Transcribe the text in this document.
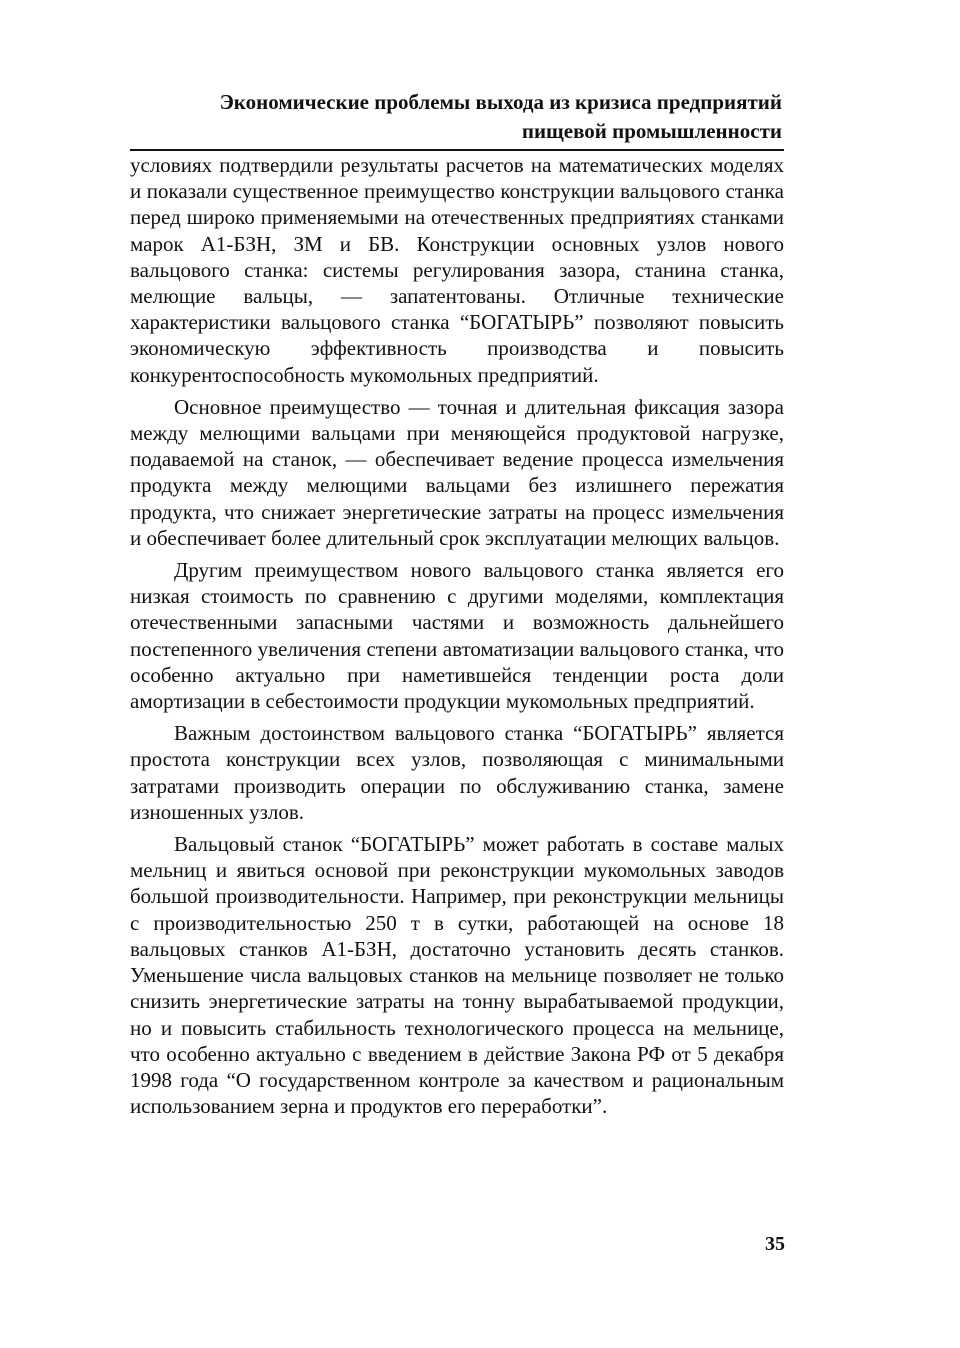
Экономические проблемы выхода из кризиса предприятий
пищевой промышленности

условиях подтвердили результаты расчетов на математических моделях и показали существенное преимущество конструкции вальцового станка перед широко применяемыми на отечественных предприятиях станками марок А1-БЗН, ЗМ и БВ. Конструкции основных узлов нового вальцового станка: системы регулирования зазора, станина станка, мелющие вальцы, — запатентованы. Отличные технические характеристики вальцового станка “БОГАТЫРЬ” позволяют повысить экономическую эффективность производства и повысить конкурентоспособность мукомольных предприятий.

Основное преимущество — точная и длительная фиксация зазора между мелющими вальцами при меняющейся продуктовой нагрузке, подаваемой на станок, — обеспечивает ведение процесса измельчения продукта между мелющими вальцами без излишнего пережатия продукта, что снижает энергетические затраты на процесс измельчения и обеспечивает более длительный срок эксплуатации мелющих вальцов.

Другим преимуществом нового вальцового станка является его низкая стоимость по сравнению с другими моделями, комплектация отечественными запасными частями и возможность дальнейшего постепенного увеличения степени автоматизации вальцового станка, что особенно актуально при наметившейся тенденции роста доли амортизации в себестоимости продукции мукомольных предприятий.

Важным достоинством вальцового станка “БОГАТЫРЬ” является простота конструкции всех узлов, позволяющая с минимальными затратами производить операции по обслуживанию станка, замене изношенных узлов.

Вальцовый станок “БОГАТЫРЬ” может работать в составе малых мельниц и явиться основой при реконструкции мукомольных заводов большой производительности. Например, при реконструкции мельницы с производительностью 250 т в сутки, работающей на основе 18 вальцовых станков А1-БЗН, достаточно установить десять станков. Уменьшение числа вальцовых станков на мельнице позволяет не только снизить энергетические затраты на тонну вырабатываемой продукции, но и повысить стабильность технологического процесса на мельнице, что особенно актуально с введением в действие Закона РФ от 5 декабря 1998 года “О государственном контроле за качеством и рациональным использованием зерна и продуктов его переработки”.

35
